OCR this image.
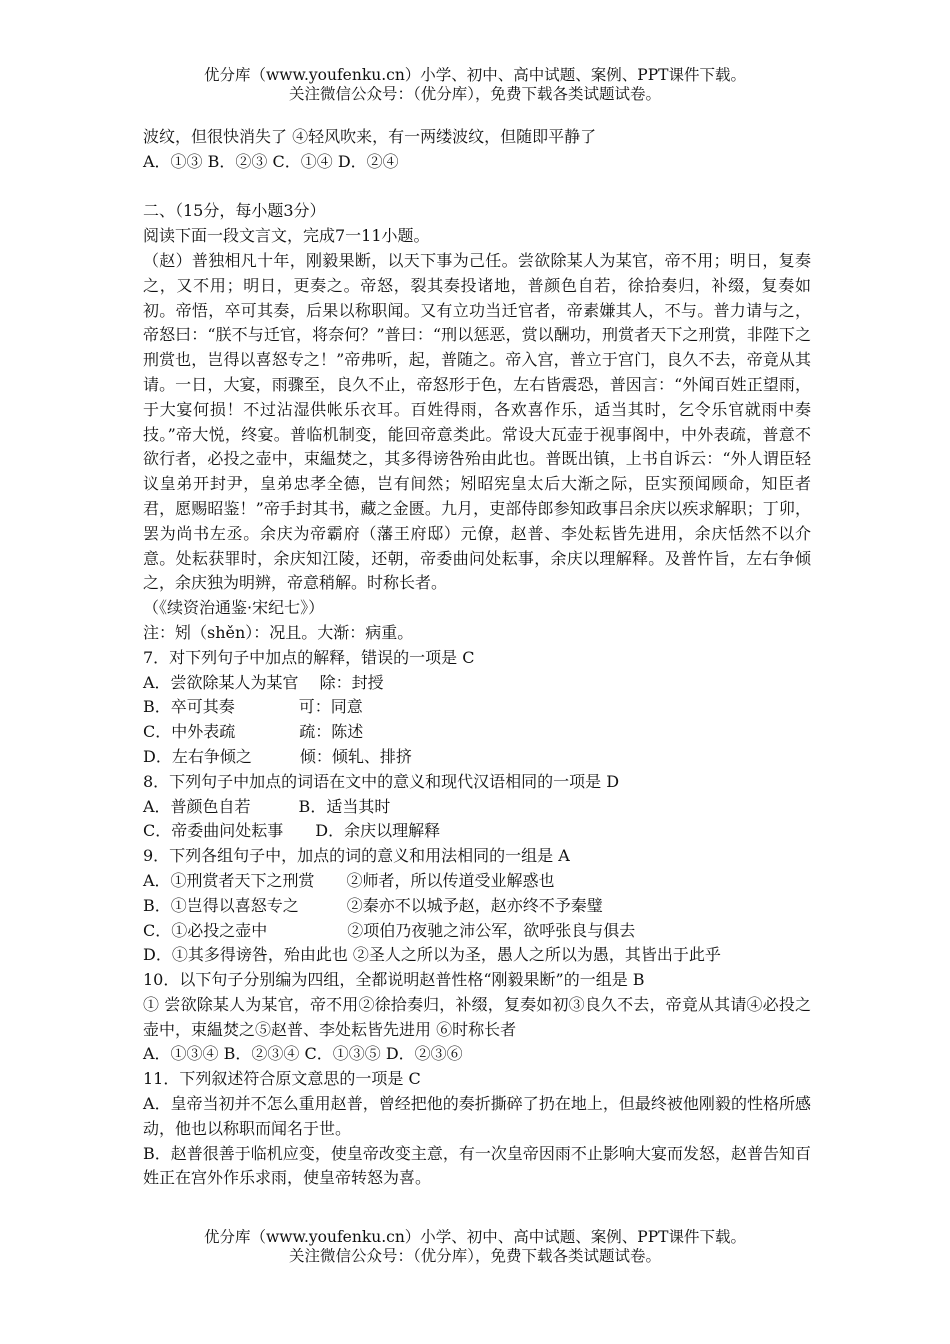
优分库（www.youfenku.cn）小学、初中、高中试题、案例、PPT课件下载。
关注微信公众号：（优分库），免费下载各类试题试卷。

波纹，但很快消失了 ④轻风吹来，有一两缕波纹，但随即平静了

A．①③ B．②③ C．①④ D．②④

二、（15分，每小题3分）

阅读下面一段文言文，完成7一11小题。

（赵）普独相凡十年，刚毅果断，以天下事为己任。尝欲除某人为某官，帝不用；明日，复奏之，又不用；明日，更奏之。帝怒，裂其奏投诸地，普颜色自若，徐拾奏归，补缀，复奏如初。帝悟，卒可其奏，后果以称职闻。又有立功当迁官者，帝素嫌其人，不与。普力请与之，帝怒曰：“朕不与迁官，将奈何？”普曰：“刑以惩恶，赏以酬功，刑赏者天下之刑赏，非陛下之刑赏也，岂得以喜怒专之！”帝弗听，起，普随之。帝入宫，普立于宫门，良久不去，帝竟从其请。一日，大宴，雨骤至，良久不止，帝怒形于色，左右皆震恐，普因言：“外闻百姓正望雨，于大宴何损！不过沾湿供帐乐衣耳。百姓得雨，各欢喜作乐，适当其时，乞令乐官就雨中奏技。”帝大悦，终宴。普临机制变，能回帝意类此。常设大瓦壶于视事阁中，中外表疏，普意不欲行者，必投之壶中，束緼焚之，其多得谤咎殆由此也。普既出镇，上书自诉云：“外人谓臣轻议皇弟开封尹，皇弟忠孝全德，岂有间然；矧昭宪皇太后大渐之际，臣实预闻顾命，知臣者君，愿赐昭鉴！”帝手封其书，藏之金匮。九月，吏部侍郎参知政事吕余庆以疾求解职；丁卯，罢为尚书左丞。余庆为帝霸府（藩王府邸）元僚，赵普、李处耘皆先进用，余庆恬然不以介意。处耘获罪时，余庆知江陵，还朝，帝委曲问处耘事，余庆以理解释。及普忤旨，左右争倾之，余庆独为明辨，帝意稍解。时称长者。

（《续资治通鉴·宋纪七》）

注：矧（shěn）：况且。大渐：病重。

7．对下列句子中加点的解释，错误的一项是 C

A．尝欲除某人为某官　 除：封授

B．卒可其奏　　　　可：同意

C．中外表疏　　　　疏：陈述

D．左右争倾之　　　倾：倾轧、排挤

8．下列句子中加点的词语在文中的意义和现代汉语相同的一项是 D

A．普颜色自若　　　B．适当其时

C．帝委曲问处耘事　　D．余庆以理解释

9．下列各组句子中，加点的词的意义和用法相同的一组是 A

A．①刑赏者天下之刑赏　　②师者，所以传道受业解惑也

B．①岂得以喜怒专之　　　②秦亦不以城予赵，赵亦终不予秦璧

C．①必投之壶中　　　　　②项伯乃夜驰之沛公军，欲呼张良与俱去

D．①其多得谤咎，殆由此也 ②圣人之所以为圣，愚人之所以为愚，其皆出于此乎

10．以下句子分别编为四组，全都说明赵普性格“刚毅果断”的一组是 B

① 尝欲除某人为某官，帝不用②徐拾奏归，补缀，复奏如初③良久不去，帝竟从其请④必投之壶中，束緼焚之⑤赵普、李处耘皆先进用 ⑥时称长者

A．①③④ B．②③④ C．①③⑤ D．②③⑥

11．下列叙述符合原文意思的一项是 C

A．皇帝当初并不怎么重用赵普，曾经把他的奏折撕碎了扔在地上，但最终被他刚毅的性格所感动，他也以称职而闻名于世。

B．赵普很善于临机应变，使皇帝改变主意，有一次皇帝因雨不止影响大宴而发怒，赵普告知百姓正在宫外作乐求雨，使皇帝转怒为喜。

优分库（www.youfenku.cn）小学、初中、高中试题、案例、PPT课件下载。
关注微信公众号：（优分库），免费下载各类试题试卷。
